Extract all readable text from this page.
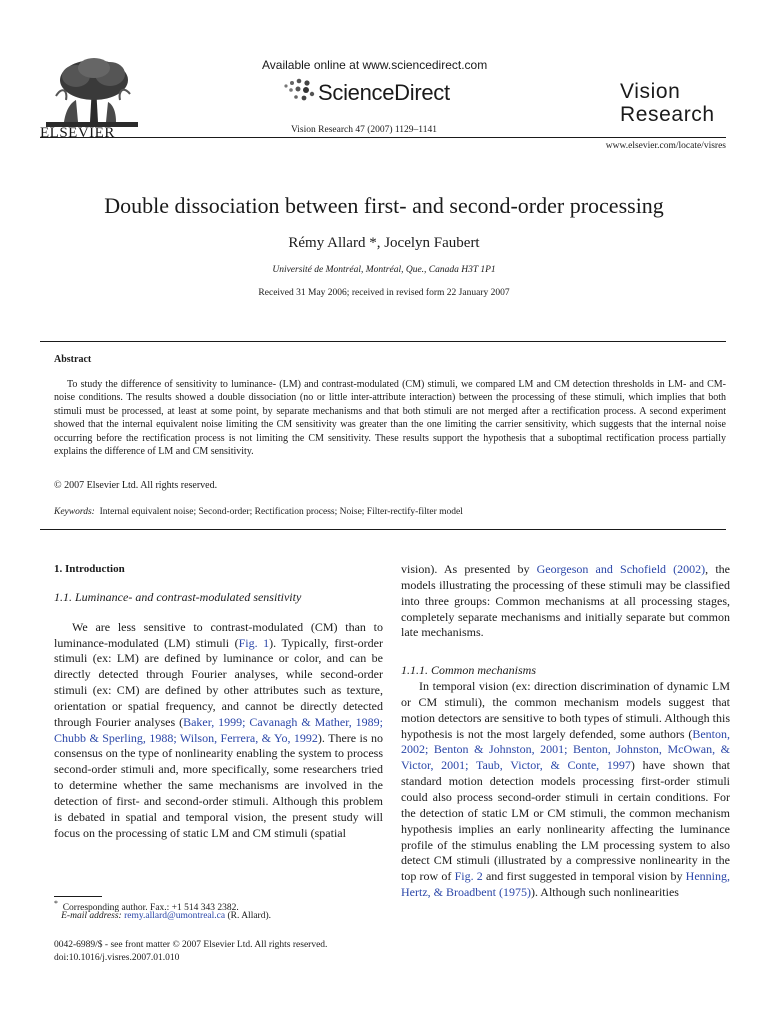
ELSEVIER
Available online at www.sciencedirect.com
ScienceDirect
Vision Research 47 (2007) 1129–1141
Vision
Research
www.elsevier.com/locate/visres
Double dissociation between first- and second-order processing
Rémy Allard *, Jocelyn Faubert
Université de Montréal, Montréal, Que., Canada H3T 1P1
Received 31 May 2006; received in revised form 22 January 2007
Abstract

To study the difference of sensitivity to luminance- (LM) and contrast-modulated (CM) stimuli, we compared LM and CM detection thresholds in LM- and CM-noise conditions. The results showed a double dissociation (no or little inter-attribute interaction) between the processing of these stimuli, which implies that both stimuli must be processed, at least at some point, by separate mechanisms and that both stimuli are not merged after a rectification process. A second experiment showed that the internal equivalent noise limiting the CM sensitivity was greater than the one limiting the carrier sensitivity, which suggests that the internal noise occurring before the rectification process is not limiting the CM sensitivity. These results support the hypothesis that a suboptimal rectification process partially explains the difference of LM and CM sensitivity.

© 2007 Elsevier Ltd. All rights reserved.
Keywords: Internal equivalent noise; Second-order; Rectification process; Noise; Filter-rectify-filter model

1. Introduction

1.1. Luminance- and contrast-modulated sensitivity

We are less sensitive to contrast-modulated (CM) than to luminance-modulated (LM) stimuli (Fig. 1). Typically, first-order stimuli (ex: LM) are defined by luminance or color, and can be directly detected through Fourier analyses, while second-order stimuli (ex: CM) are defined by other attributes such as texture, orientation or spatial frequency, and cannot be directly detected through Fourier analyses (Baker, 1999; Cavanagh & Mather, 1989; Chubb & Sperling, 1988; Wilson, Ferrera, & Yo, 1992). There is no consensus on the type of nonlinearity enabling the system to process second-order stimuli and, more specifically, some researchers tried to determine whether the same mechanisms are involved in the detection of first- and second-order stimuli. Although this problem is debated in spatial and temporal vision, the present study will focus on the processing of static LM and CM stimuli (spatial

vision). As presented by Georgeson and Schofield (2002), the models illustrating the processing of these stimuli may be classified into three groups: Common mechanisms at all processing stages, completely separate mechanisms and initially separate but common late mechanisms.

1.1.1. Common mechanisms

In temporal vision (ex: direction discrimination of dynamic LM or CM stimuli), the common mechanism models suggest that motion detectors are sensitive to both types of stimuli. Although this hypothesis is not the most largely defended, some authors (Benton, 2002; Benton & Johnston, 2001; Benton, Johnston, McOwan, & Victor, 2001; Taub, Victor, & Conte, 1997) have shown that standard motion detection models processing first-order stimuli could also process second-order stimuli in certain conditions. For the detection of static LM or CM stimuli, the common mechanism hypothesis implies an early nonlinearity affecting the luminance profile of the stimulus enabling the LM processing system to also detect CM stimuli (illustrated by a compressive nonlinearity in the top row of Fig. 2 and first suggested in temporal vision by Henning, Hertz, & Broadbent (1975)). Although such nonlinearities

* Corresponding author. Fax.: +1 514 343 2382.
E-mail address: remy.allard@umontreal.ca (R. Allard).
0042-6989/$ - see front matter © 2007 Elsevier Ltd. All rights reserved.
doi:10.1016/j.visres.2007.01.010
